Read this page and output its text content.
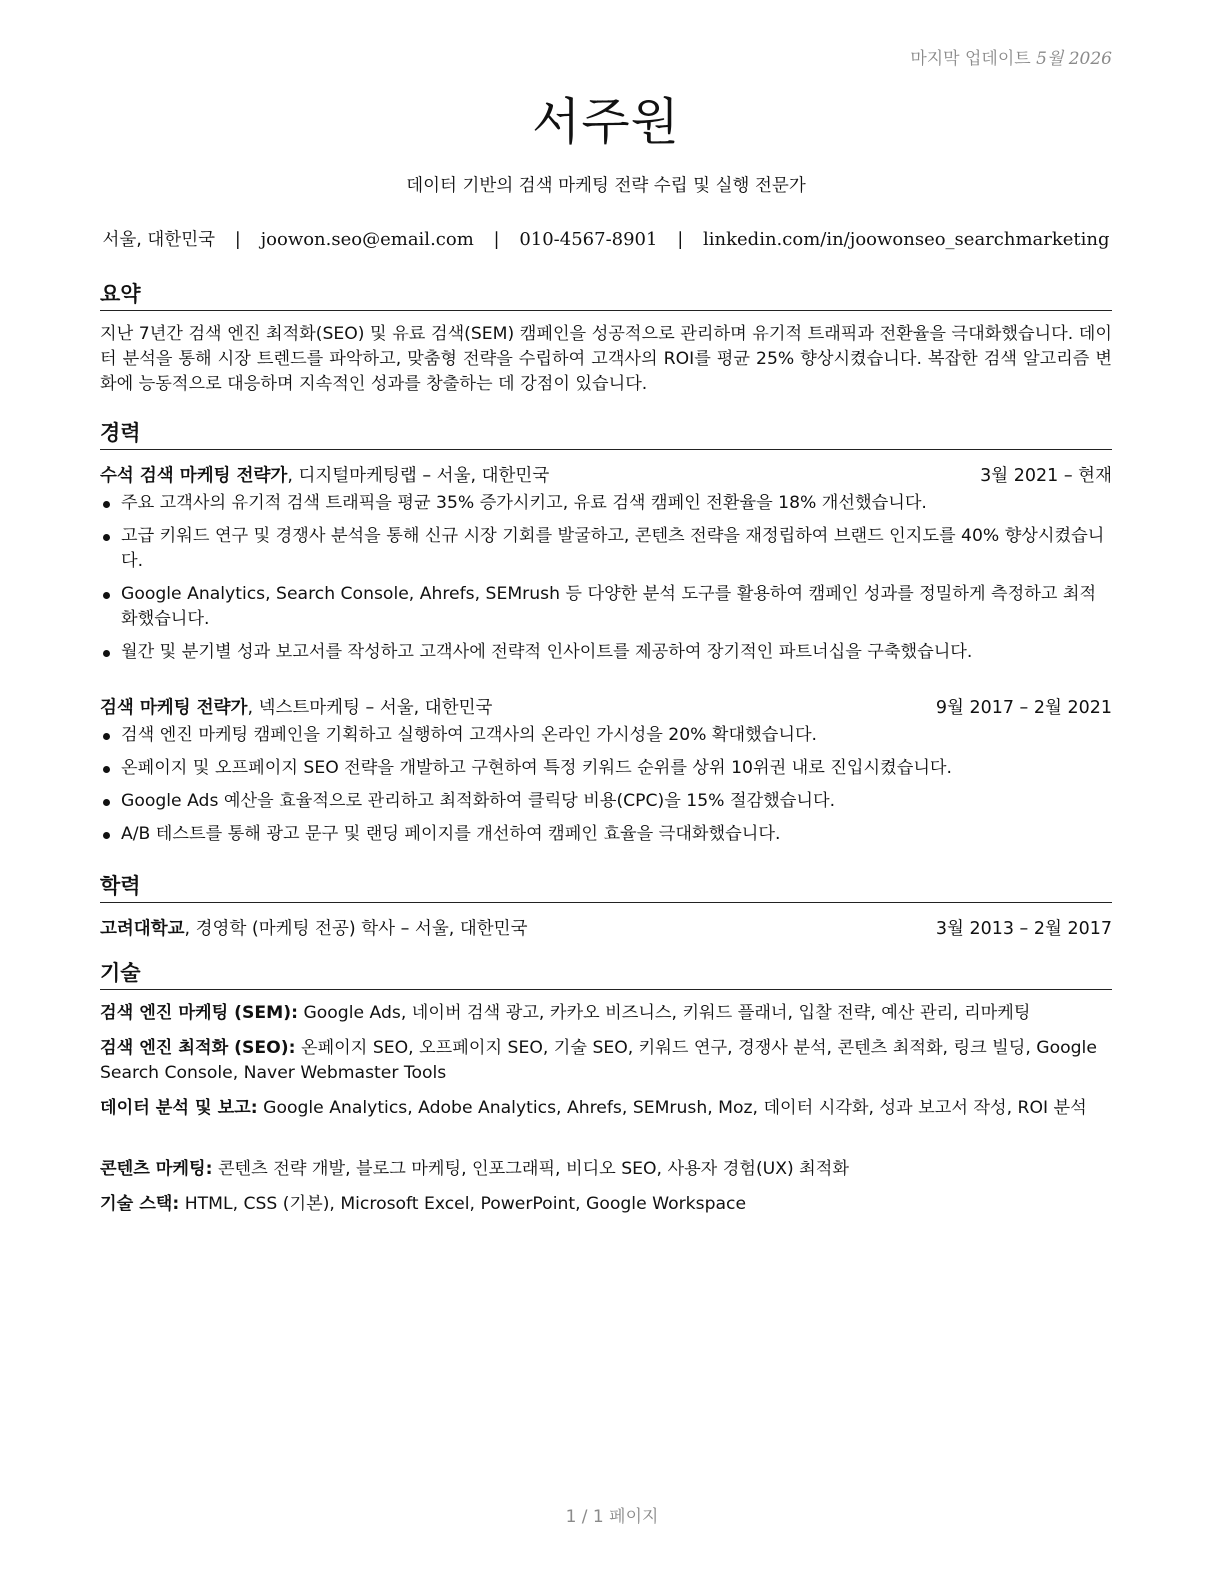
마지막 업데이트 5월 2026
서주원
데이터 기반의 검색 마케팅 전략 수립 및 실행 전문가
서울, 대한민국 | joowon.seo@email.com | 010-4567-8901 | linkedin.com/in/joowonseo_searchmarketing
요약
지난 7년간 검색 엔진 최적화(SEO) 및 유료 검색(SEM) 캠페인을 성공적으로 관리하며 유기적 트래픽과 전환율을 극대화했습니다. 데이터 분석을 통해 시장 트렌드를 파악하고, 맞춤형 전략을 수립하여 고객사의 ROI를 평균 25% 향상시켰습니다. 복잡한 검색 알고리즘 변화에 능동적으로 대응하며 지속적인 성과를 창출하는 데 강점이 있습니다.
경력
수석 검색 마케팅 전략가, 디지털마케팅랩 – 서울, 대한민국	3월 2021 – 현재
주요 고객사의 유기적 검색 트래픽을 평균 35% 증가시키고, 유료 검색 캠페인 전환율을 18% 개선했습니다.
고급 키워드 연구 및 경쟁사 분석을 통해 신규 시장 기회를 발굴하고, 콘텐츠 전략을 재정립하여 브랜드 인지도를 40% 향상시켰습니다.
Google Analytics, Search Console, Ahrefs, SEMrush 등 다양한 분석 도구를 활용하여 캠페인 성과를 정밀하게 측정하고 최적화했습니다.
월간 및 분기별 성과 보고서를 작성하고 고객사에 전략적 인사이트를 제공하여 장기적인 파트너십을 구축했습니다.
검색 마케팅 전략가, 넥스트마케팅 – 서울, 대한민국	9월 2017 – 2월 2021
검색 엔진 마케팅 캠페인을 기획하고 실행하여 고객사의 온라인 가시성을 20% 확대했습니다.
온페이지 및 오프페이지 SEO 전략을 개발하고 구현하여 특정 키워드 순위를 상위 10위권 내로 진입시켰습니다.
Google Ads 예산을 효율적으로 관리하고 최적화하여 클릭당 비용(CPC)을 15% 절감했습니다.
A/B 테스트를 통해 광고 문구 및 랜딩 페이지를 개선하여 캠페인 효율을 극대화했습니다.
학력
고려대학교, 경영학 (마케팅 전공) 학사 – 서울, 대한민국	3월 2013 – 2월 2017
기술
검색 엔진 마케팅 (SEM): Google Ads, 네이버 검색 광고, 카카오 비즈니스, 키워드 플래너, 입찰 전략, 예산 관리, 리마케팅
검색 엔진 최적화 (SEO): 온페이지 SEO, 오프페이지 SEO, 기술 SEO, 키워드 연구, 경쟁사 분석, 콘텐츠 최적화, 링크 빌딩, Google Search Console, Naver Webmaster Tools
데이터 분석 및 보고: Google Analytics, Adobe Analytics, Ahrefs, SEMrush, Moz, 데이터 시각화, 성과 보고서 작성, ROI 분석
콘텐츠 마케팅: 콘텐츠 전략 개발, 블로그 마케팅, 인포그래픽, 비디오 SEO, 사용자 경험(UX) 최적화
기술 스택: HTML, CSS (기본), Microsoft Excel, PowerPoint, Google Workspace
1 / 1 페이지
